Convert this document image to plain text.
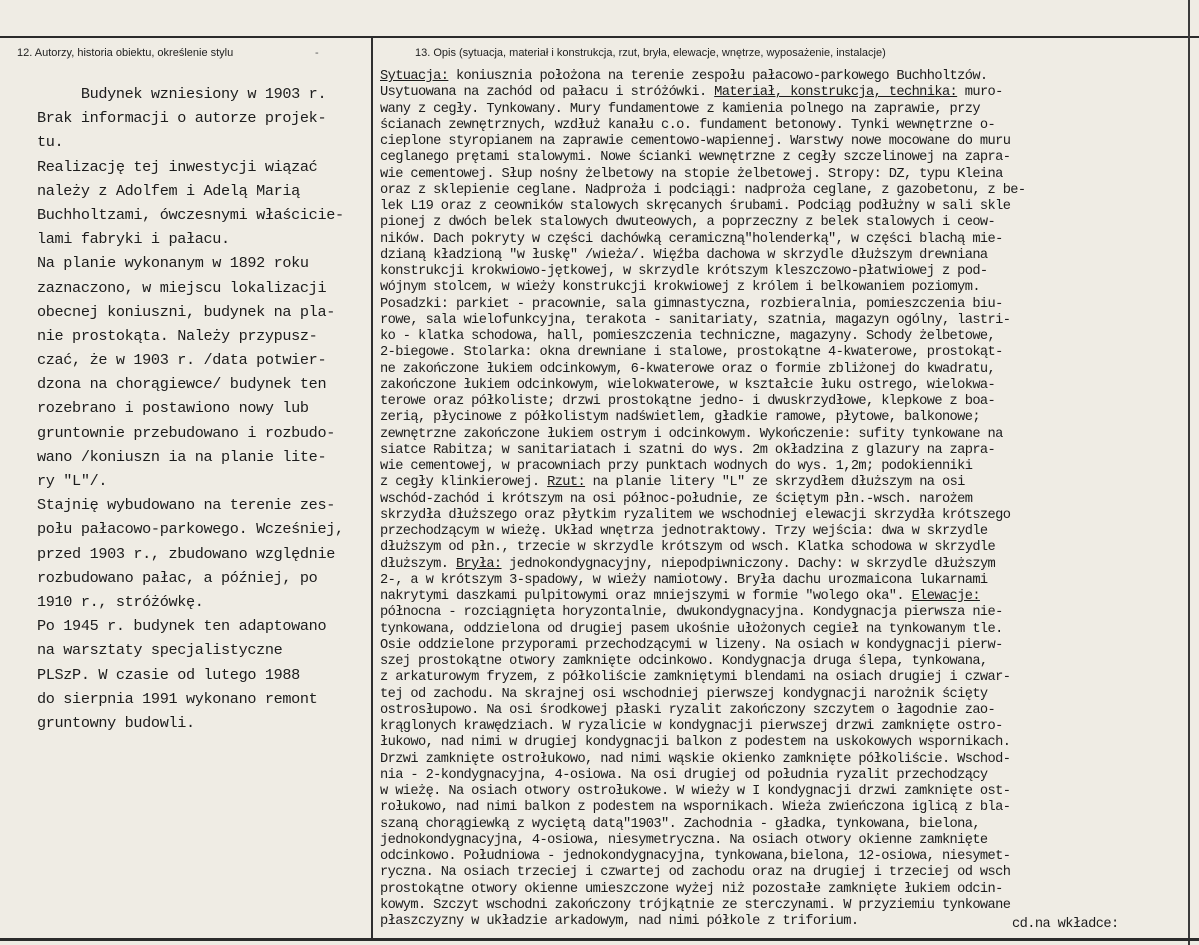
12. Autorzy, historia obiektu, określenie stylu	-	13. Opis (sytuacja, materiał i konstrukcja, rzut, bryła, elewacje, wnętrze, wyposażenie, instalacje)
Budynek wzniesiony w 1903 r.
Brak informacji o autorze projek-
tu.
Realizację tej inwestycji wiązać
należy z Adolfem i Adelą Marią
Buchholtzami, ówczesnymi właścicie-
lami fabryki i pałacu.
Na planie wykonanym w 1892 roku
zaznaczono, w miejscu lokalizacji
obecnej koniuszni, budynek na pla-
nie prostokąta. Należy przypusz-
czać, że w 1903 r. /data potwier-
dzona na chorągiewce/ budynek ten
rozebrano i postawiono nowy lub
gruntownie przebudowano i rozbudo-
wano /koniuszn ia na planie lite-
ry "L"/.
Stajnię wybudowano na terenie zes-
połu pałacowo-parkowego. Wcześniej,
przed 1903 r., zbudowano względnie
rozbudowano pałac, a później, po
1910 r., stróżówkę.
Po 1945 r. budynek ten adaptowano
na warsztaty specjalistyczne
PLSzP. W czasie od lutego 1988
do sierpnia 1991 wykonano remont
gruntowny budowli.
Sytuacja: koniusznia położona na terenie zespołu pałacowo-parkowego Buchholtzów.
Usytuowana na zachód od pałacu i stróżówki. Materiał, konstrukcja, technika: muro-
wany z cegły. Tynkowany. Mury fundamentowe z kamienia polnego na zaprawie, przy
ścianach zewnętrznych, wzdłuż kanału c.o. fundament betonowy. Tynki wewnętrzne o-
cieplone styropianem na zaprawie cementowo-wapiennej. Warstwy nowe mocowane do muru
ceglanego prętami stalowymi. Nowe ścianki wewnętrzne z cegły szczelinowej na zapra-
wie cementowej. Słup nośny żelbetowy na stopie żelbetowej. Stropy: DZ, typu Kleina
oraz z sklepienie ceglane. Nadproża i podciągi: nadproża ceglane, z gazobetonu, z be-
lek L19 oraz z ceowników stalowych skręcanych śrubami. Podciąg podłużny w sali skle
pionej z dwóch belek stalowych dwuteowych, a poprzeczny z belek stalowych i ceow-
ników. Dach pokryty w części dachówką ceramiczną"holenderką", w części blachą mie-
dzianą kładzioną "w łuskę" /wieża/. Więźba dachowa w skrzydle dłuższym drewniana
konstrukcji krokwiowo-jętkowej, w skrzydle krótszym kleszczowo-płatwiowej z pod-
wójnym stolcem, w wieży konstrukcji krokwiowej z królem i belkowaniem poziomym.
Posadzki: parkiet - pracownie, sala gimnastyczna, rozbieralnia, pomieszczenia biu-
rowe, sala wielofunkcyjna, terakota - sanitariaty, szatnia, magazyn ogólny, lastri-
ko - klatka schodowa, hall, pomieszczenia techniczne, magazyny. Schody żelbetowe,
2-biegowe. Stolarka: okna drewniane i stalowe, prostokątne 4-kwaterowe, prostokąt-
ne zakończone łukiem odcinkowym, 6-kwaterowe oraz o formie zbliżonej do kwadratu,
zakończone łukiem odcinkowym, wielokwaterowe, w kształcie łuku ostrego, wielokwa-
terowe oraz półkoliste; drzwi prostokątne jedno- i dwuskrzydłowe, klepkowe z boa-
zerią, płycinowe z półkolistym nadświetlem, gładkie ramowe, płytowe, balkonowe;
zewnętrzne zakończone łukiem ostrym i odcinkowym. Wykończenie: sufity tynkowane na
siatce Rabitza; w sanitariatach i szatni do wys. 2m okładzina z glazury na zapra-
wie cementowej, w pracowniach przy punktach wodnych do wys. 1,2m; podokienniki
z cegły klinkierowej. Rzut: na planie litery "L" ze skrzydłem dłuższym na osi
wschód-zachód i krótszym na osi północ-południe, ze ściętym płn.-wsch. narożem
skrzydła dłuższego oraz płytkim ryzalitem we wschodniej elewacji skrzydła krótszego
przechodzącym w wieżę. Układ wnętrza jednotraktowy. Trzy wejścia: dwa w skrzydle
dłuższym od płn., trzecie w skrzydle krótszym od wsch. Klatka schodowa w skrzydle
dłuższym. Bryła: jednokondygnacyjny, niepodpiwniczony. Dachy: w skrzydle dłuższym
2-, a w krótszym 3-spadowy, w wieży namiotowy. Bryła dachu urozmaicona lukarnami
nakrytymi daszkami pulpitowymi oraz mniejszymi w formie "wolego oka". Elewacje:
północna - rozciągnięta horyzontalnie, dwukondygnacyjna. Kondygnacja pierwsza nie-
tynkowana, oddzielona od drugiej pasem ukośnie ułożonych cegieł na tynkowanym tle.
Osie oddzielone przyporami przechodzącymi w lizeny. Na osiach w kondygnacji pierw-
szej prostokątne otwory zamknięte odcinkowo. Kondygnacja druga ślepa, tynkowana,
z arkaturowym fryzem, z półkoliście zamkniętymi blendami na osiach drugiej i czwar-
tej od zachodu. Na skrajnej osi wschodniej pierwszej kondygnacji narożnik ścięty
ostrosłupowo. Na osi środkowej płaski ryzalit zakończony szczytem o łagodnie zao-
krąglonych krawędziach. W ryzalicie w kondygnacji pierwszej drzwi zamknięte ostro-
łukowo, nad nimi w drugiej kondygnacji balkon z podestem na uskokowych wspornikach.
Drzwi zamknięte ostrołukowo, nad nimi wąskie okienko zamknięte półkoliście. Wschod-
nia - 2-kondygnacyjna, 4-osiowa. Na osi drugiej od południa ryzalit przechodzący
w wieżę. Na osiach otwory ostrołukowe. W wieży w I kondygnacji drzwi zamknięte ost-
rołukowo, nad nimi balkon z podestem na wspornikach. Wieża zwieńczona iglicą z bla-
szaną chorągiewką z wyciętą datą"1903". Zachodnia - gładka, tynkowana, bielona,
jednokondygnacyjna, 4-osiowa, niesymetryczna. Na osiach otwory okienne zamknięte
odcinkowo. Południowa - jednokondygnacyjna, tynkowana,bielona, 12-osiowa, niesymet-
ryczna. Na osiach trzeciej i czwartej od zachodu oraz na drugiej i trzeciej od wsch
prostokątne otwory okienne umieszczone wyżej niż pozostałe zamknięte łukiem odcin-
kowym. Szczyt wschodni zakończony trójkątnie ze sterczynami. W przyziemiu tynkowane
płaszczyzny w układzie arkadowym, nad nimi półkole z triforium.	cd.na wkładce:
